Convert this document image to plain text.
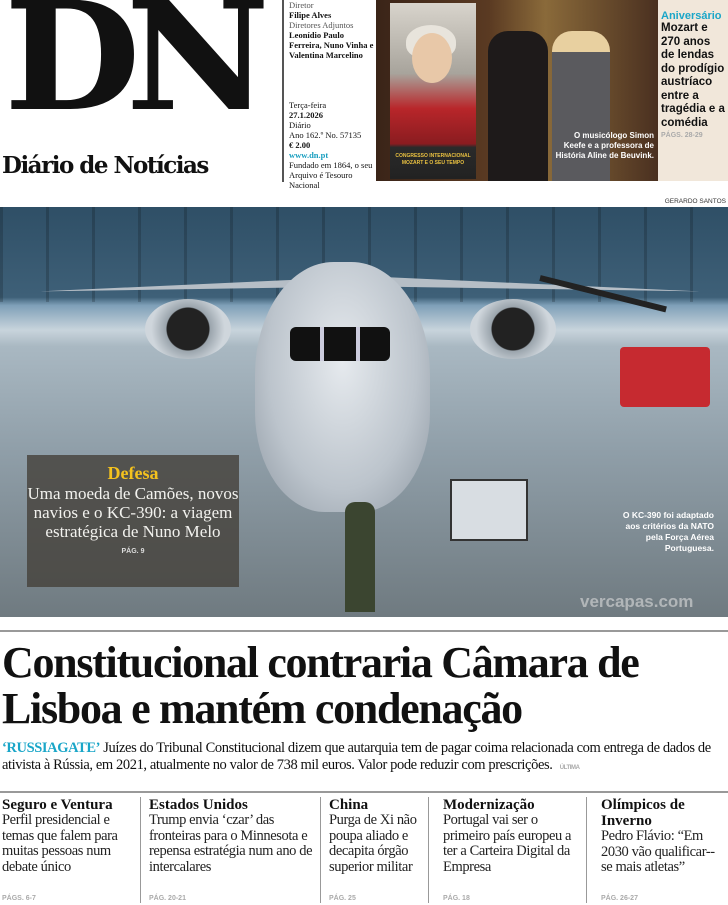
DN
Diário de Notícias
Diretor
Filipe Alves
Diretores Adjuntos
Leonídio Paulo Ferreira, Nuno Vinha e Valentina Marcelino
Terça-feira
27.1.2026
Diário
Ano 162.º No. 57135
€ 2.00
www.dn.pt
Fundado em 1864, o seu Arquivo é Tesouro Nacional
CONGRESSO INTERNACIONAL MOZART E O SEU TEMPO
O musicólogo Simon Keefe e a professora de História Aline de Beuvink.
Aniversário
Mozart e 270 anos de lendas do prodígio austríaco entre a tragédia e a comédia
PÁGS. 28-29
GERARDO SANTOS
Defesa
Uma moeda de Camões, novos navios e o KC-390: a viagem estratégica de Nuno Melo
PÁG. 9
O KC-390 foi adaptado aos critérios da NATO pela Força Aérea Portuguesa.
vercapas.com
Constitucional contraria Câmara de Lisboa e mantém condenação
‘RUSSIAGATE’ Juízes do Tribunal Constitucional dizem que autarquia tem de pagar coima relacionada com entrega de dados de ativista à Rússia, em 2021, atualmente no valor de 738 mil euros. Valor pode reduzir com prescrições. ÚLTIMA
Seguro e Ventura
Perfil presidencial e temas que falem para muitas pessoas num debate único
PÁGS. 6-7
Estados Unidos
Trump envia ‘czar’ das fronteiras para o Minnesota e repensa estratégia num ano de intercalares
PÁG. 20-21
China
Purga de Xi não poupa aliado e decapita órgão superior militar
PÁG. 25
Modernização
Portugal vai ser o primeiro país europeu a ter a Carteira Digital da Empresa
PÁG. 18
Olímpicos de Inverno
Pedro Flávio: “Em 2030 vão qualificar--se mais atletas”
PÁG. 26-27
